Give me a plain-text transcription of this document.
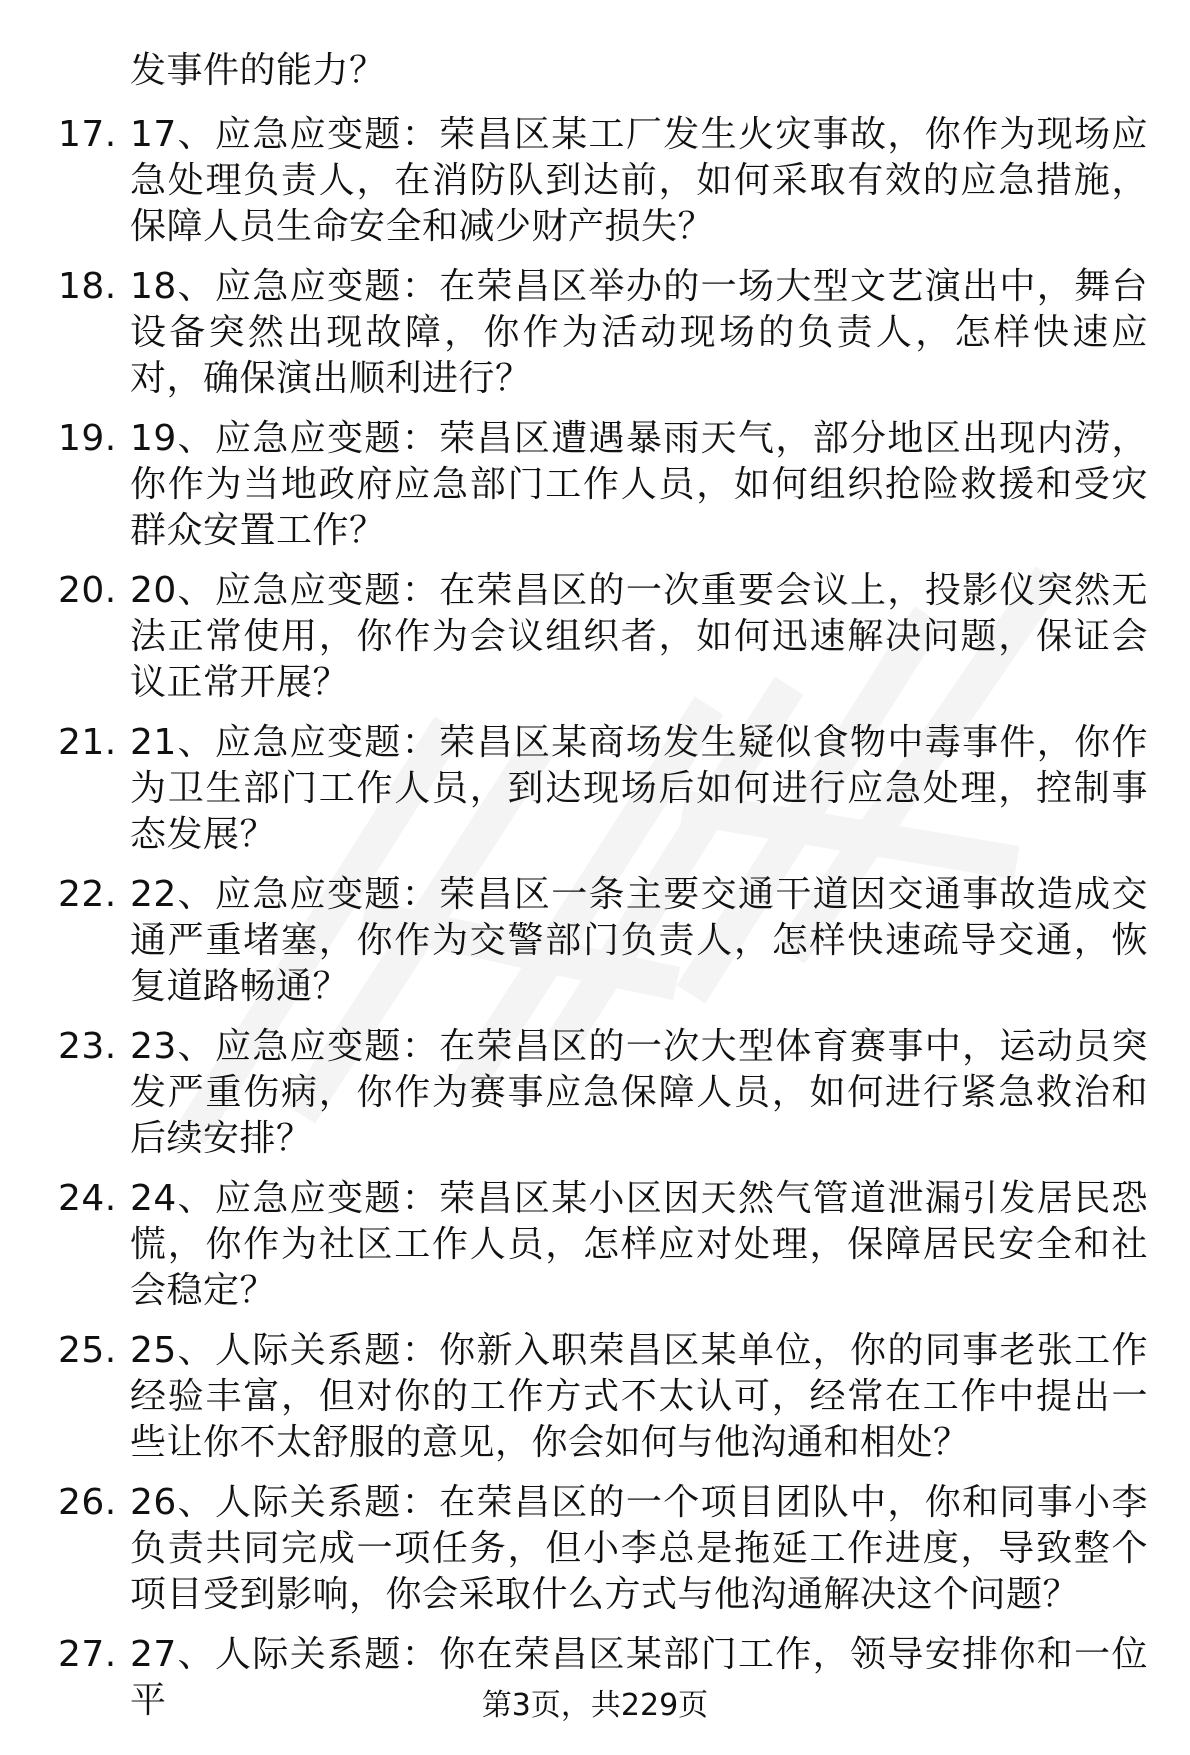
发事件的能力？
17. 17、应急应变题：荣昌区某工厂发生火灾事故，你作为现场应急处理负责人，在消防队到达前，如何采取有效的应急措施，保障人员生命安全和减少财产损失？
18. 18、应急应变题：在荣昌区举办的一场大型文艺演出中，舞台设备突然出现故障，你作为活动现场的负责人，怎样快速应对，确保演出顺利进行？
19. 19、应急应变题：荣昌区遭遇暴雨天气，部分地区出现内涝，你作为当地政府应急部门工作人员，如何组织抢险救援和受灾群众安置工作？
20. 20、应急应变题：在荣昌区的一次重要会议上，投影仪突然无法正常使用，你作为会议组织者，如何迅速解决问题，保证会议正常开展？
21. 21、应急应变题：荣昌区某商场发生疑似食物中毒事件，你作为卫生部门工作人员，到达现场后如何进行应急处理，控制事态发展？
22. 22、应急应变题：荣昌区一条主要交通干道因交通事故造成交通严重堵塞，你作为交警部门负责人，怎样快速疏导交通，恢复道路畅通？
23. 23、应急应变题：在荣昌区的一次大型体育赛事中，运动员突发严重伤病，你作为赛事应急保障人员，如何进行紧急救治和后续安排？
24. 24、应急应变题：荣昌区某小区因天然气管道泄漏引发居民恐慌，你作为社区工作人员，怎样应对处理，保障居民安全和社会稳定？
25. 25、人际关系题：你新入职荣昌区某单位，你的同事老张工作经验丰富，但对你的工作方式不太认可，经常在工作中提出一些让你不太舒服的意见，你会如何与他沟通和相处？
26. 26、人际关系题：在荣昌区的一个项目团队中，你和同事小李负责共同完成一项任务，但小李总是拖延工作进度，导致整个项目受到影响，你会采取什么方式与他沟通解决这个问题？
27. 27、人际关系题：你在荣昌区某部门工作，领导安排你和一位平	第3页，共229页
